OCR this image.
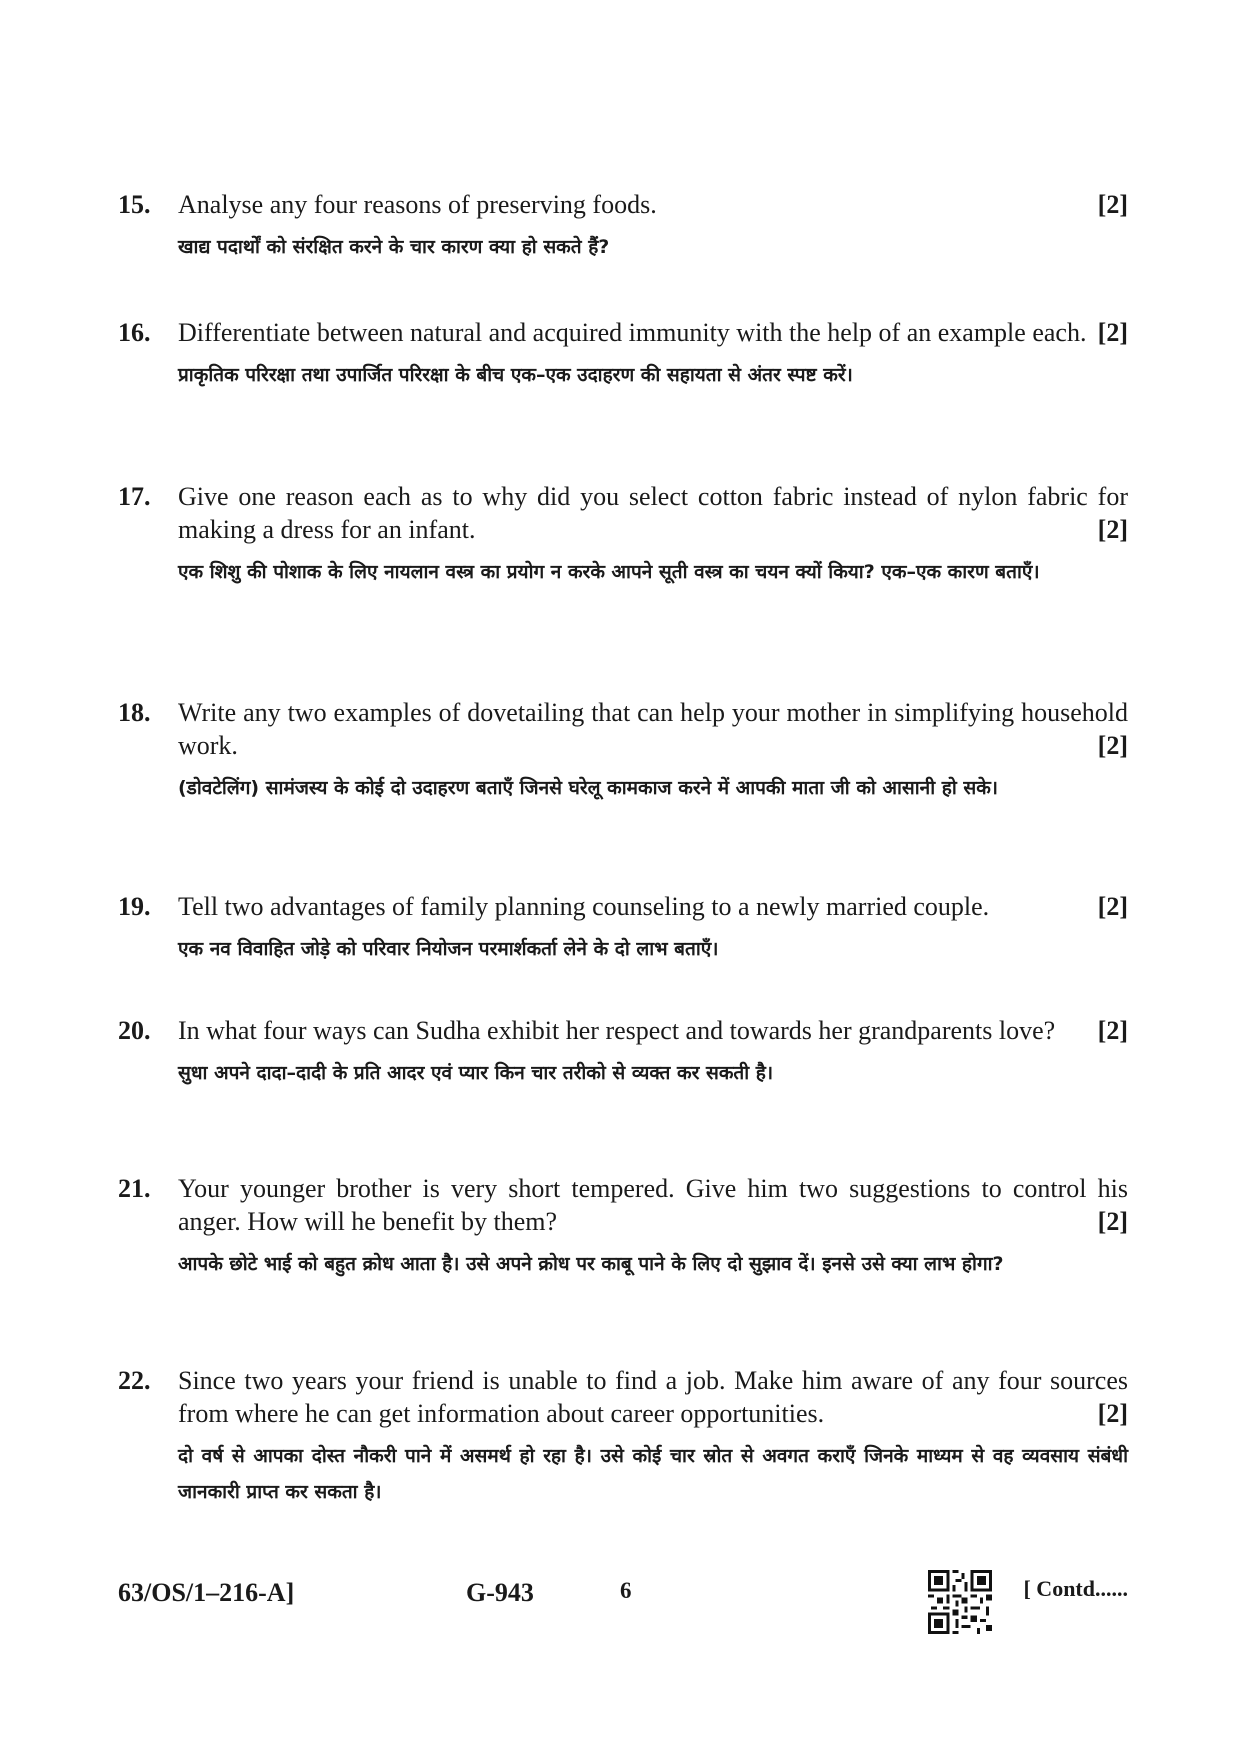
15.	Analyse any four reasons of preserving foods.	[2]
खाद्य पदार्थों को संरक्षित करने के चार कारण क्या हो सकते हैं?
16.	Differentiate between natural and acquired immunity with the help of an example each. [2]
प्राकृतिक परिरक्षा तथा उपार्जित परिरक्षा के बीच एक–एक उदाहरण की सहायता से अंतर स्पष्ट करें।
17.	Give one reason each as to why did you select cotton fabric instead of nylon fabric for making a dress for an infant.	[2]
एक शिशु की पोशाक के लिए नायलान वस्त्र का प्रयोग न करके आपने सूती वस्त्र का चयन क्यों किया? एक–एक कारण बताएँ।
18.	Write any two examples of dovetailing that can help your mother in simplifying household work.	[2]
(डोवटेलिंग) सामंजस्य के कोई दो उदाहरण बताएँ जिनसे घरेलू कामकाज करने में आपकी माता जी को आसानी हो सके।
19.	Tell two advantages of family planning counseling to a newly married couple.	[2]
एक नव विवाहित जोड़े को परिवार नियोजन परमार्शकर्ता लेने के दो लाभ बताएँ।
20.	In what four ways can Sudha exhibit her respect and towards her grandparents love? [2]
सुधा अपने दादा–दादी के प्रति आदर एवं प्यार किन चार तरीको से व्यक्त कर सकती है।
21.	Your younger brother is very short tempered. Give him two suggestions to control his anger. How will he benefit by them?	[2]
आपके छोटे भाई को बहुत क्रोध आता है। उसे अपने क्रोध पर काबू पाने के लिए दो सुझाव दें। इनसे उसे क्या लाभ होगा?
22.	Since two years your friend is unable to find a job. Make him aware of any four sources from where he can get information about career opportunities.	[2]
दो वर्ष से आपका दोस्त नौकरी पाने में असमर्थ हो रहा है। उसे कोई चार स्रोत से अवगत कराएँ जिनके माध्यम से वह व्यवसाय संबंधी जानकारी प्राप्त कर सकता है।
63/OS/1–216-A]	G-943	6	[ Contd......
